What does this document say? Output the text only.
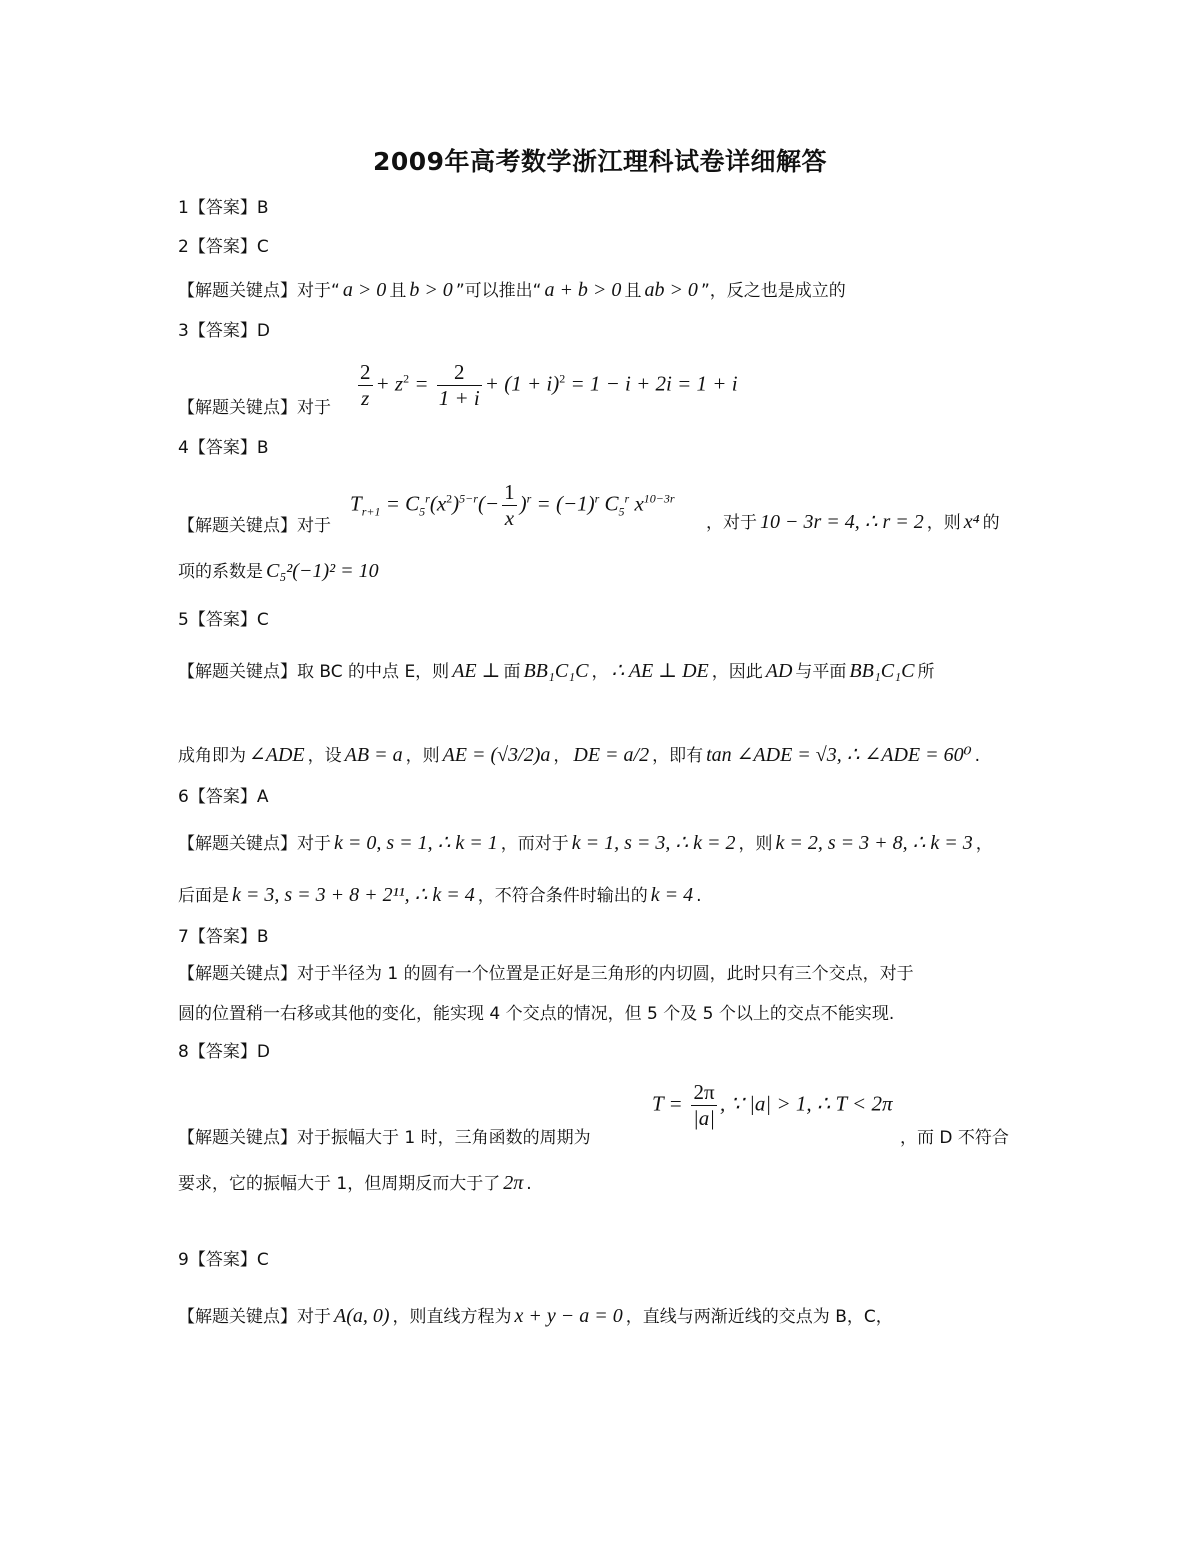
2009年高考数学浙江理科试卷详细解答
1【答案】B
2【答案】C
【解题关键点】对于“ a > 0 且 b > 0 ”可以推出“ a + b > 0 且 ab > 0 ”，反之也是成立的
3【答案】D
【解题关键点】对于 $\frac{2}{z} + z^2 = \frac{2}{1 + i} + (1 + i)^2 = 1 - i + 2i = 1 + i$
4【答案】B
$T_{r+1} = C_5^r(x^2)^{5-r}(- \frac{1}{x} )^r = (-1)^r$ $C_5^r$ $x^{10-3r}$
【解题关键点】对于	，对于 10 − 3r = 4, ∴ r = 2 ，则 x⁴ 的
项的系数是 C₅²(−1)² = 10
5【答案】C
【解题关键点】取 BC 的中点 E，则 AE ⊥ 面 BB₁C₁C ， ∴ AE ⊥ DE ，因此 AD 与平面 BB₁C₁C 所
成角即为 ∠ADE ，设 AB = a ，则 AE = (√3/2)a ， DE = a/2 ，即有 tan ∠ADE = √3, ∴ ∠ADE = 60⁰ .
6【答案】A
【解题关键点】对于 k = 0, s = 1, ∴ k = 1 ，而对于 k = 1, s = 3, ∴ k = 2 ，则 k = 2, s = 3 + 8, ∴ k = 3 ，
后面是 k = 3, s = 3 + 8 + 2¹¹, ∴ k = 4 ，不符合条件时输出的 k = 4 .
7【答案】B
【解题关键点】对于半径为 1 的圆有一个位置是正好是三角形的内切圆，此时只有三个交点，对于
圆的位置稍一右移或其他的变化，能实现 4 个交点的情况，但 5 个及 5 个以上的交点不能实现.
8【答案】D
$T = \frac{2\pi}{|a|}$ , ∵ |a| > 1, ∴ T < 2π
【解题关键点】对于振幅大于 1 时，三角函数的周期为	，而 D 不符合
要求，它的振幅大于 1，但周期反而大于了 2π .
9【答案】C
【解题关键点】对于 A(a, 0) ，则直线方程为 x + y − a = 0 ，直线与两渐近线的交点为 B，C，
